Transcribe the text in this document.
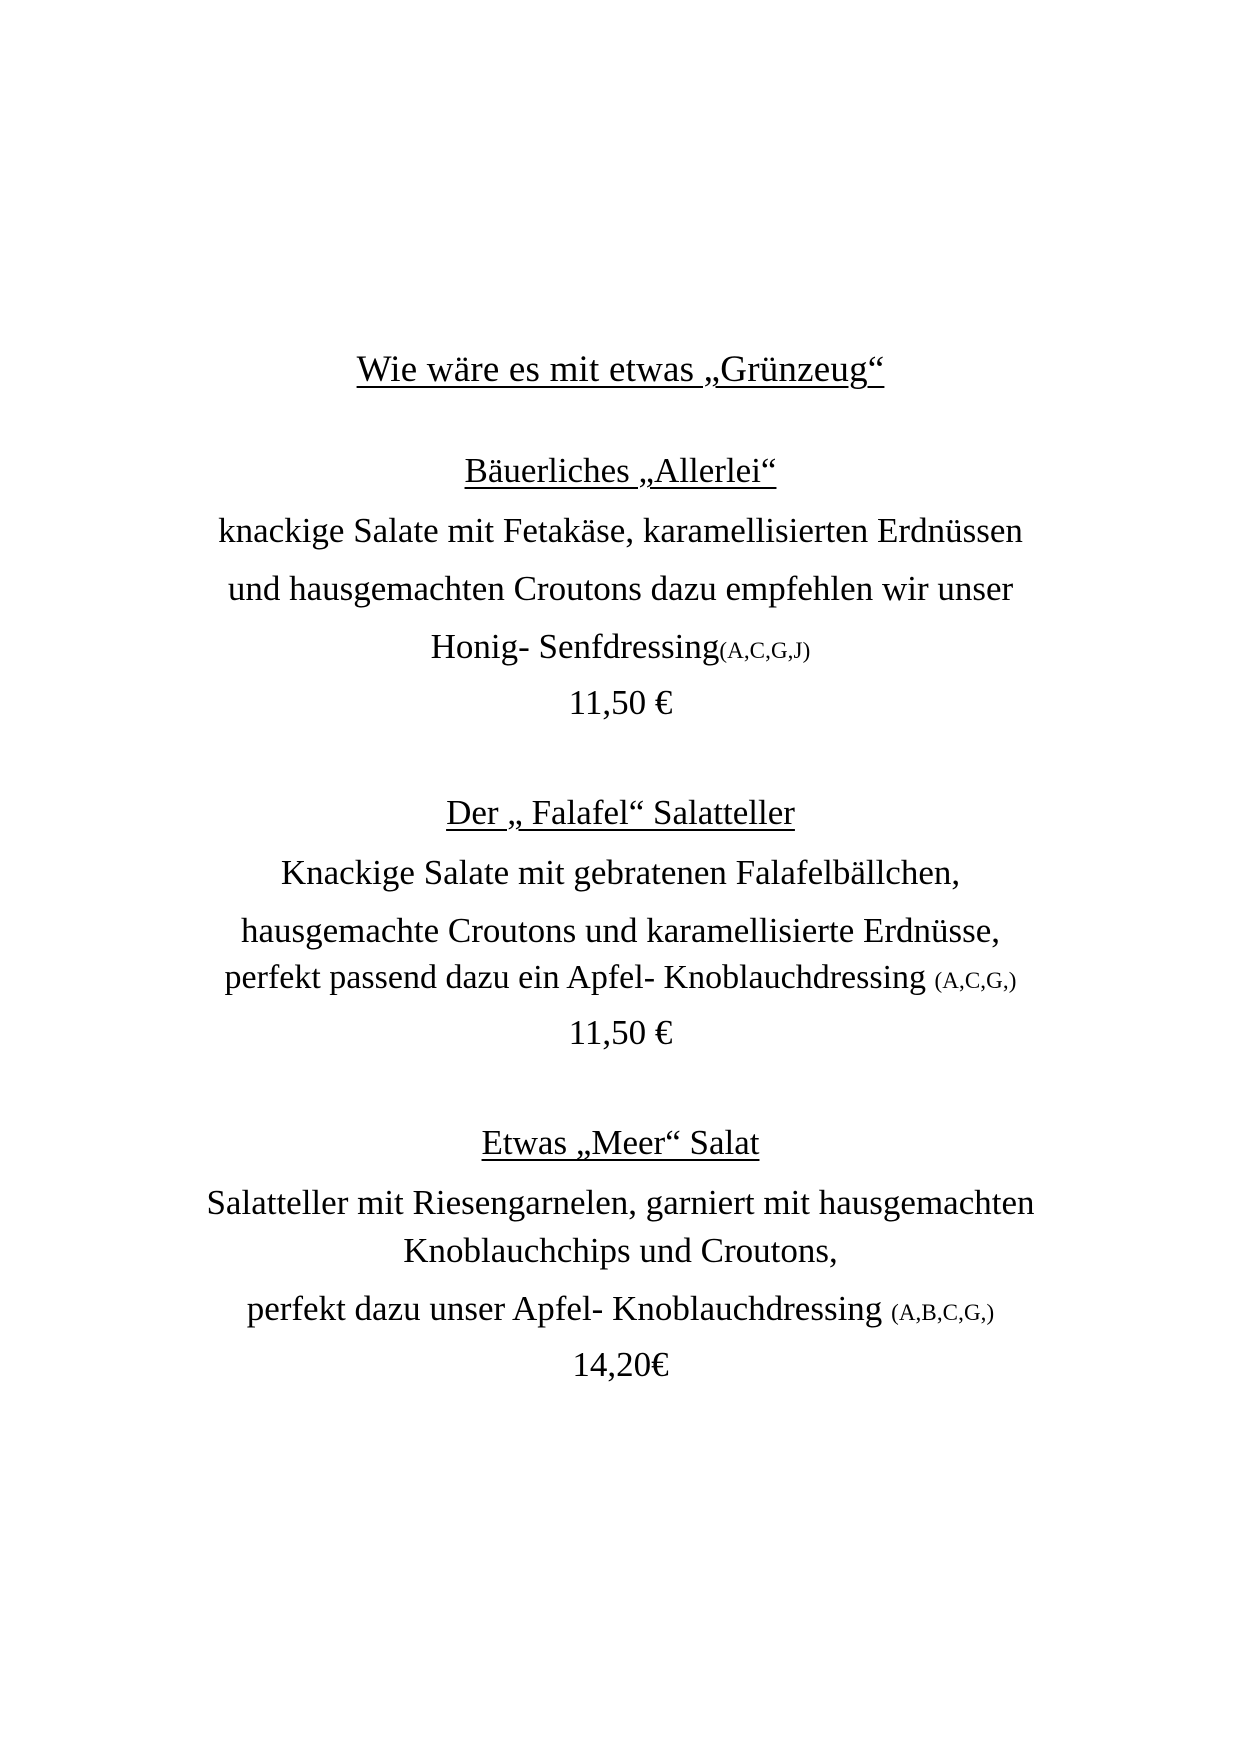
Wie wäre es mit etwas „Grünzeug“
Bäuerliches „Allerlei“
knackige Salate mit Fetakäse, karamellisierten Erdnüssen
und hausgemachten Croutons dazu empfehlen wir unser
Honig- Senfdressing(A,C,G,J)
11,50 €
Der „ Falafel“ Salatteller
Knackige Salate mit gebratenen Falafelbällchen,
hausgemachte Croutons und karamellisierte Erdnüsse,
perfekt passend dazu ein Apfel- Knoblauchdressing (A,C,G,)
11,50 €
Etwas „Meer“ Salat
Salatteller mit Riesengarnelen, garniert mit hausgemachten
Knoblauchchips und Croutons,
perfekt dazu unser Apfel- Knoblauchdressing (A,B,C,G,)
14,20€
